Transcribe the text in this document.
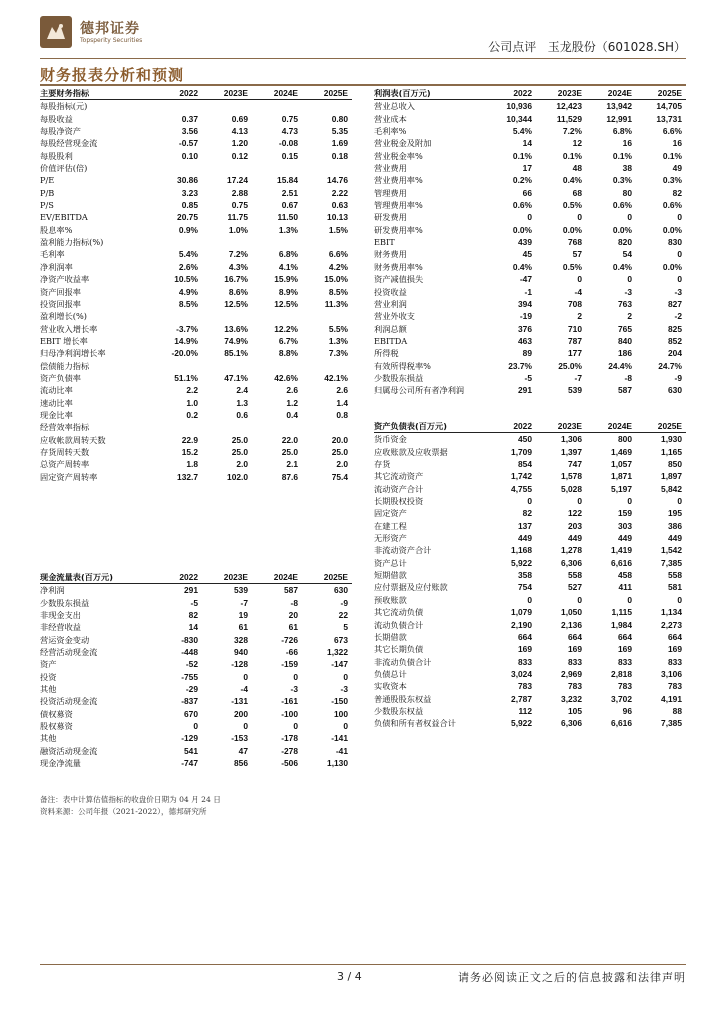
德邦证券
Topsperity Securities	公司点评 玉龙股份（601028.SH）
财务报表分析和预测
主要财务指标	2022	2023E	2024E	2025E
每股指标(元)				
每股收益	0.37	0.69	0.75	0.80
每股净资产	3.56	4.13	4.73	5.35
每股经营现金流	-0.57	1.20	-0.08	1.69
每股股利	0.10	0.12	0.15	0.18
价值评估(倍)				
P/E	30.86	17.24	15.84	14.76
P/B	3.23	2.88	2.51	2.22
P/S	0.85	0.75	0.67	0.63
EV/EBITDA	20.75	11.75	11.50	10.13
股息率%	0.9%	1.0%	1.3%	1.5%
盈利能力指标(%)				
毛利率	5.4%	7.2%	6.8%	6.6%
净利润率	2.6%	4.3%	4.1%	4.2%
净资产收益率	10.5%	16.7%	15.9%	15.0%
资产回报率	4.9%	8.6%	8.9%	8.5%
投资回报率	8.5%	12.5%	12.5%	11.3%
盈利增长(%)				
营业收入增长率	-3.7%	13.6%	12.2%	5.5%
EBIT 增长率	14.9%	74.9%	6.7%	1.3%
归母净利润增长率	-20.0%	85.1%	8.8%	7.3%
偿债能力指标				
资产负债率	51.1%	47.1%	42.6%	42.1%
流动比率	2.2	2.4	2.6	2.6
速动比率	1.0	1.3	1.2	1.4
现金比率	0.2	0.6	0.4	0.8
经营效率指标				
应收帐款周转天数	22.9	25.0	22.0	20.0
存货周转天数	15.2	25.0	25.0	25.0
总资产周转率	1.8	2.0	2.1	2.0
固定资产周转率	132.7	102.0	87.6	75.4
现金流量表(百万元)	2022	2023E	2024E	2025E
净利润	291	539	587	630
少数股东损益	-5	-7	-8	-9
非现金支出	82	19	20	22
非经营收益	14	61	61	5
营运资金变动	-830	328	-726	673
经营活动现金流	-448	940	-66	1,322
资产	-52	-128	-159	-147
投资	-755	0	0	0
其他	-29	-4	-3	-3
投资活动现金流	-837	-131	-161	-150
债权募资	670	200	-100	100
股权募资	0	0	0	0
其他	-129	-153	-178	-141
融资活动现金流	541	47	-278	-41
现金净流量	-747	856	-506	1,130
利润表(百万元)	2022	2023E	2024E	2025E
营业总收入	10,936	12,423	13,942	14,705
营业成本	10,344	11,529	12,991	13,731
毛利率%	5.4%	7.2%	6.8%	6.6%
营业税金及附加	14	12	16	16
营业税金率%	0.1%	0.1%	0.1%	0.1%
营业费用	17	48	38	49
营业费用率%	0.2%	0.4%	0.3%	0.3%
管理费用	66	68	80	82
管理费用率%	0.6%	0.5%	0.6%	0.6%
研发费用	0	0	0	0
研发费用率%	0.0%	0.0%	0.0%	0.0%
EBIT	439	768	820	830
财务费用	45	57	54	0
财务费用率%	0.4%	0.5%	0.4%	0.0%
资产减值损失	-47	0	0	0
投资收益	-1	-4	-3	-3
营业利润	394	708	763	827
营业外收支	-19	2	2	-2
利润总额	376	710	765	825
EBITDA	463	787	840	852
所得税	89	177	186	204
有效所得税率%	23.7%	25.0%	24.4%	24.7%
少数股东损益	-5	-7	-8	-9
归属母公司所有者净利润	291	539	587	630
资产负债表(百万元)	2022	2023E	2024E	2025E
货币资金	450	1,306	800	1,930
应收账款及应收票据	1,709	1,397	1,469	1,165
存货	854	747	1,057	850
其它流动资产	1,742	1,578	1,871	1,897
流动资产合计	4,755	5,028	5,197	5,842
长期股权投资	0	0	0	0
固定资产	82	122	159	195
在建工程	137	203	303	386
无形资产	449	449	449	449
非流动资产合计	1,168	1,278	1,419	1,542
资产总计	5,922	6,306	6,616	7,385
短期借款	358	558	458	558
应付票据及应付账款	754	527	411	581
预收账款	0	0	0	0
其它流动负债	1,079	1,050	1,115	1,134
流动负债合计	2,190	2,136	1,984	2,273
长期借款	664	664	664	664
其它长期负债	169	169	169	169
非流动负债合计	833	833	833	833
负债总计	3,024	2,969	2,818	3,106
实收资本	783	783	783	783
普通股股东权益	2,787	3,232	3,702	4,191
少数股东权益	112	105	96	88
负债和所有者权益合计	5,922	6,306	6,616	7,385
备注：表中计算估值指标的收盘价日期为 04 月 24 日
资料来源：公司年报（2021-2022），德邦研究所
3 / 4	请务必阅读正文之后的信息披露和法律声明
